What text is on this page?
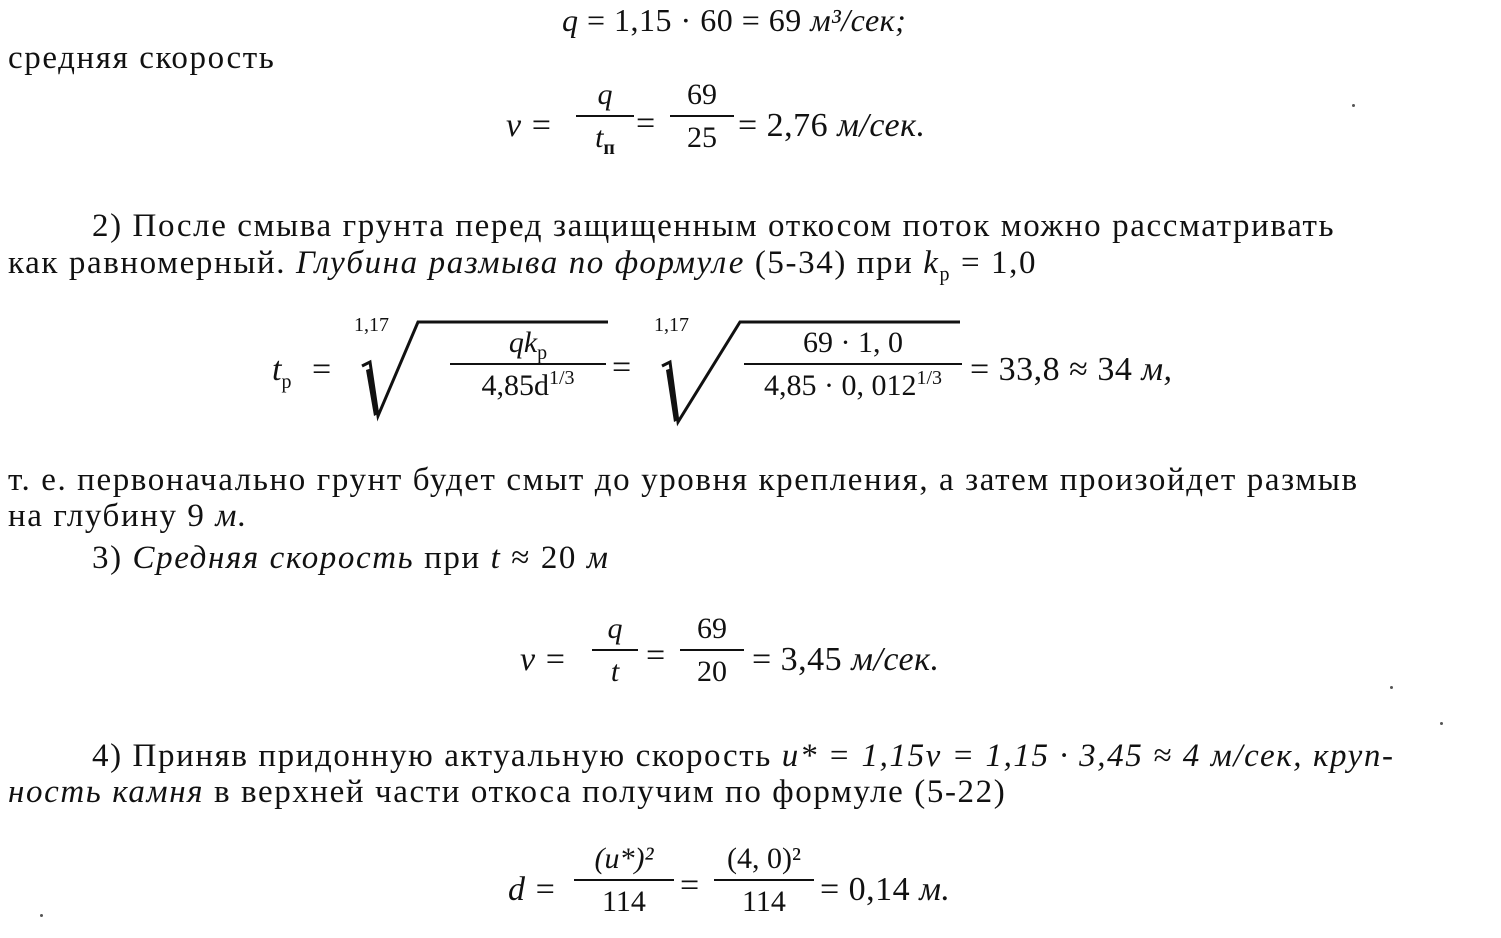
q = 1,15 · 60 = 69 м³/сек;
средняя скорость
v =
q
$t_п$
=
69
25 = 2,76 м/сек.
2) После смыва грунта перед защищенным откосом поток можно рассматривать
как равномерный. Глубина размыва по формуле (5-34) при $k_р = 1,0$
$t_р$ =
1,17
$qk_р$
$4,85d^{1/3}$	=
1,17
69 · 1, 0
4,85 · 0, $012^{1/3} = 33,8 \approx 34$ м,
т. е. первоначально грунт будет смыт до уровня крепления, а затем произойдет размыв
на глубину 9 м.
3) Средняя скорость при t ≈ 20 м
v =
q
t =
69
20 = 3,45 м/сек.
4) Приняв придонную актуальную скорость u* = 1,15v = 1,15 · 3,45 ≈ 4 м/сек, круп-
ность камня в верхней части откоса получим по формуле (5-22)
d =
(u*)²
114	=
(4, 0)²
114	= 0,14 м.
